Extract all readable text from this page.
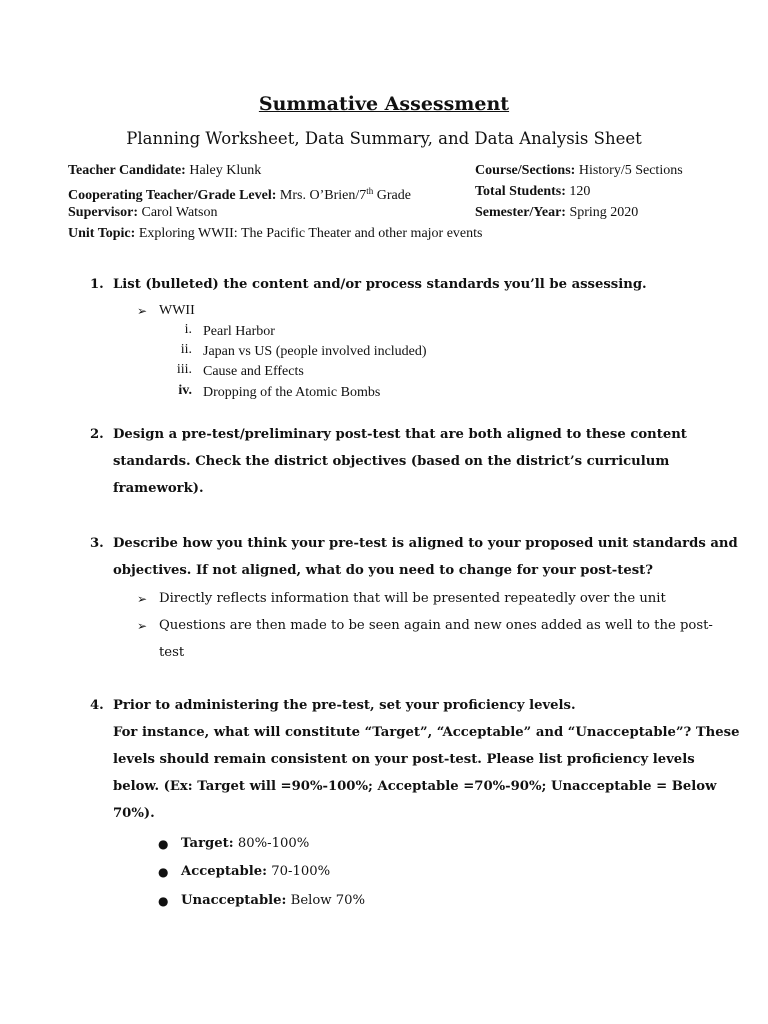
Summative Assessment
Planning Worksheet, Data Summary, and Data Analysis Sheet
Teacher Candidate: Haley Klunk
Cooperating Teacher/Grade Level: Mrs. O’Brien/7th Grade
Supervisor: Carol Watson
Unit Topic: Exploring WWII: The Pacific Theater and other major events
Course/Sections: History/5 Sections
Total Students: 120
Semester/Year: Spring 2020
1. List (bulleted) the content and/or process standards you’ll be assessing.
➢ WWII
i. Pearl Harbor
ii. Japan vs US (people involved included)
iii. Cause and Effects
iv. Dropping of the Atomic Bombs
2. Design a pre-test/preliminary post-test that are both aligned to these content
standards. Check the district objectives (based on the district’s curriculum
framework).
3. Describe how you think your pre-test is aligned to your proposed unit standards and
objectives. If not aligned, what do you need to change for your post-test?
➢ Directly reflects information that will be presented repeatedly over the unit
➢ Questions are then made to be seen again and new ones added as well to the post-
test
4. Prior to administering the pre-test, set your proficiency levels.
For instance, what will constitute “Target”, “Acceptable” and “Unacceptable”? These
levels should remain consistent on your post-test. Please list proficiency levels
below. (Ex: Target will =90%-100%; Acceptable =70%-90%; Unacceptable = Below
70%).
● Target: 80%-100%
● Acceptable: 70-100%
● Unacceptable: Below 70%
